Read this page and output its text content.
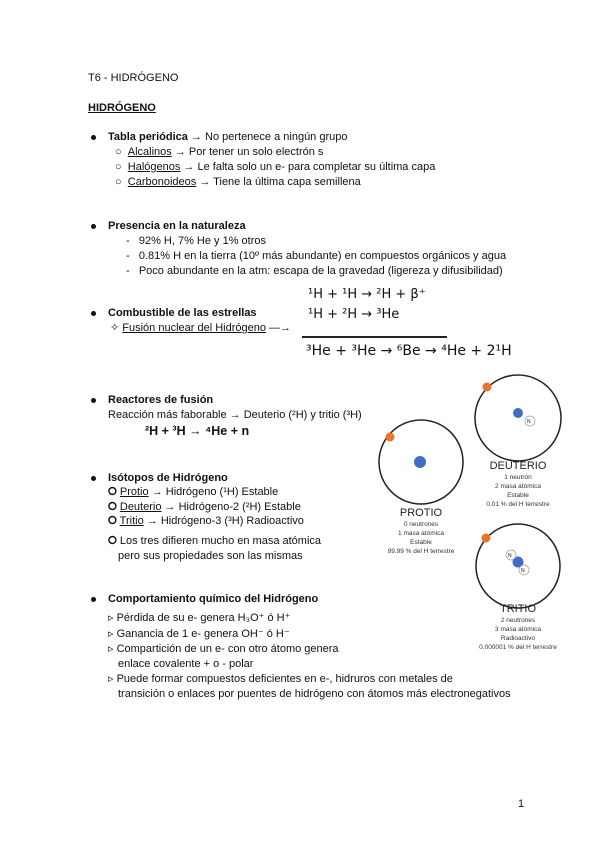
T6 - HIDRÓGENO
HIDRÓGENO
Tabla periódica → No pertenece a ningún grupo
○  Alcalinos → Por tener un solo electrón s
○  Halógenos → Le falta solo un e- para completar su última capa
○  Carbonoideos → Tiene la última capa semillena
Presencia en la naturaleza
-   92% H, 7% He y 1% otros
-   0.81% H en la tierra (10º más abundante) en compuestos orgánicos y agua
-   Poco abundante en la atm: escapa de la gravedad (ligereza y difusibilidad)
Combustible de las estrellas
✧ Fusión nuclear del Hidrógeno —→
¹H + ¹H → ²H + β⁺
¹H + ²H → ³He
³He + ³He → ⁶Be → ⁴He + 2¹H
Reactores de fusión
Reacción más faborable → Deuterio (²H) y tritio (³H)
²H + ³H → ⁴He + n
Isótopos de Hidrógeno
⭘ Protio → Hidrógeno (¹H) Estable
⭘ Deuterio → Hidrógeno-2 (²H) Estable
⭘ Tritio → Hidrógeno-3 (³H) Radioactivo
⭘ Los tres difieren mucho en masa atómica
pero sus propiedades son las mismas
Comportamiento químico del Hidrógeno
▹ Pérdida de su e- genera H₃O⁺ ó H⁺
▹ Ganancia de 1 e- genera OH⁻ ó H⁻
▹ Compartición de un e- con otro átomo genera
enlace covalente + o - polar
▹ Puede formar compuestos deficientes en e-, hidruros con metales de
transición o enlaces por puentes de hidrógeno con átomos más electronegativos
N
N
N
DEUTERIO
1 neutrón
2 masa atómica
Estable
0.01 % del H terrestre
PROTIO
0 neutrones
1 masa atómica
Estable
99.99 % del H terrestre
TRITIO
2 neutrones
3 masa atómica
Radioactivo
0.000001 % del H terrestre
1
